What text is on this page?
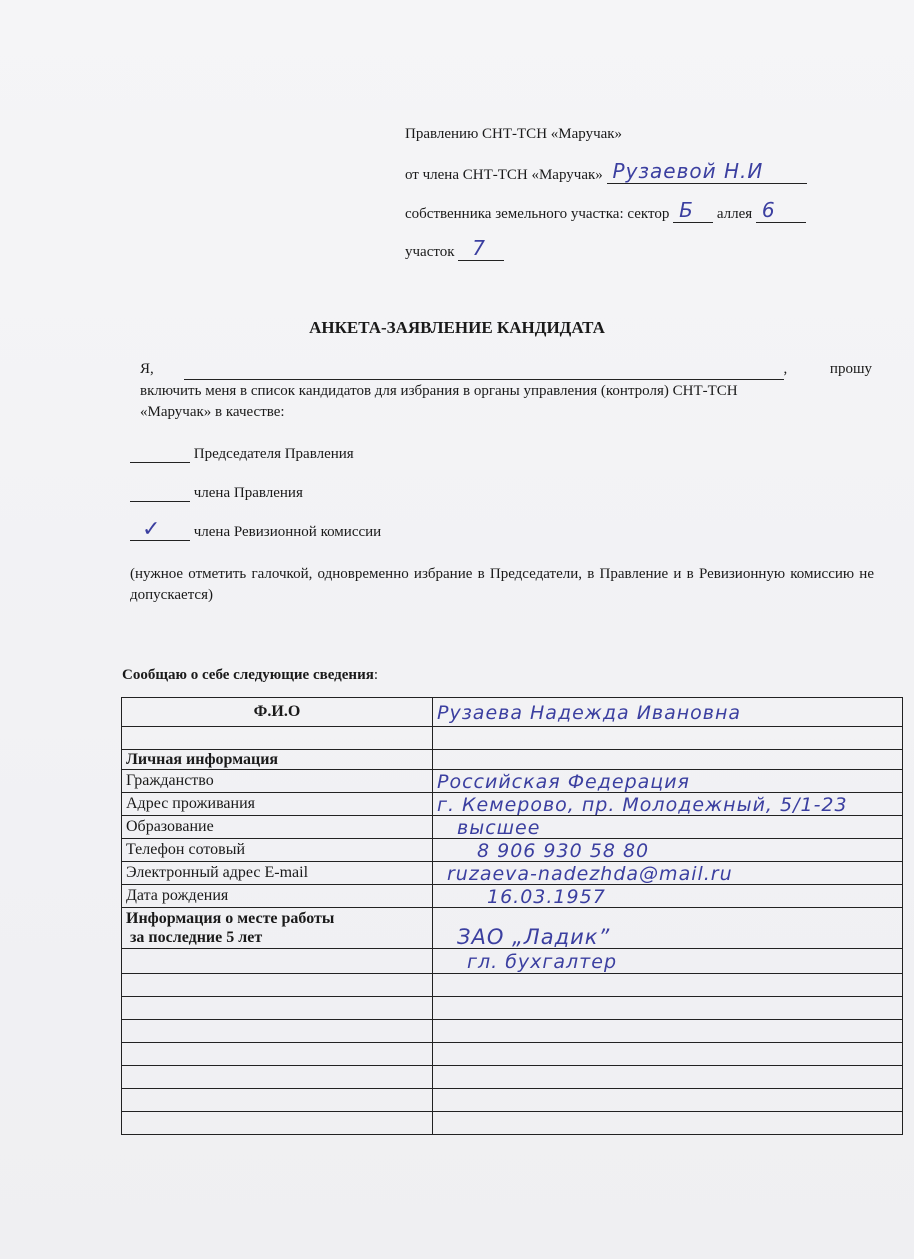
Правлению СНТ-ТСН «Маручак»
от члена СНТ-ТСН «Маручак» Рузаевой Н.И
собственника земельного участка: сектор Б аллея 6
участок 7
АНКЕТА-ЗАЯВЛЕНИЕ КАНДИДАТА
Я,	,	прошу
включить меня в список кандидатов для избрания в органы управления (контроля) СНТ-ТСН
«Маручак» в качестве:
Председателя Правления
члена Правления
✓ члена Ревизионной комиссии
(нужное отметить галочкой, одновременно избрание в Председатели, в Правление и в Ревизионную комиссию не допускается)
Сообщаю о себе следующие сведения:
Ф.И.О	Рузаева Надежда Ивановна

Личная информация	
Гражданство	Российская Федерация
Адрес проживания	г. Кемерово, пр. Молодежный, 5/1-23
Образование	высшее
Телефон сотовый	8 906 930 58 80
Электронный адрес E-mail	ruzaeva-nadezhda@mail.ru
Дата рождения	16.03.1957

Информация о месте работы
за последние 5 лет	ЗАО „Ладик”
	гл. бухгалтер
